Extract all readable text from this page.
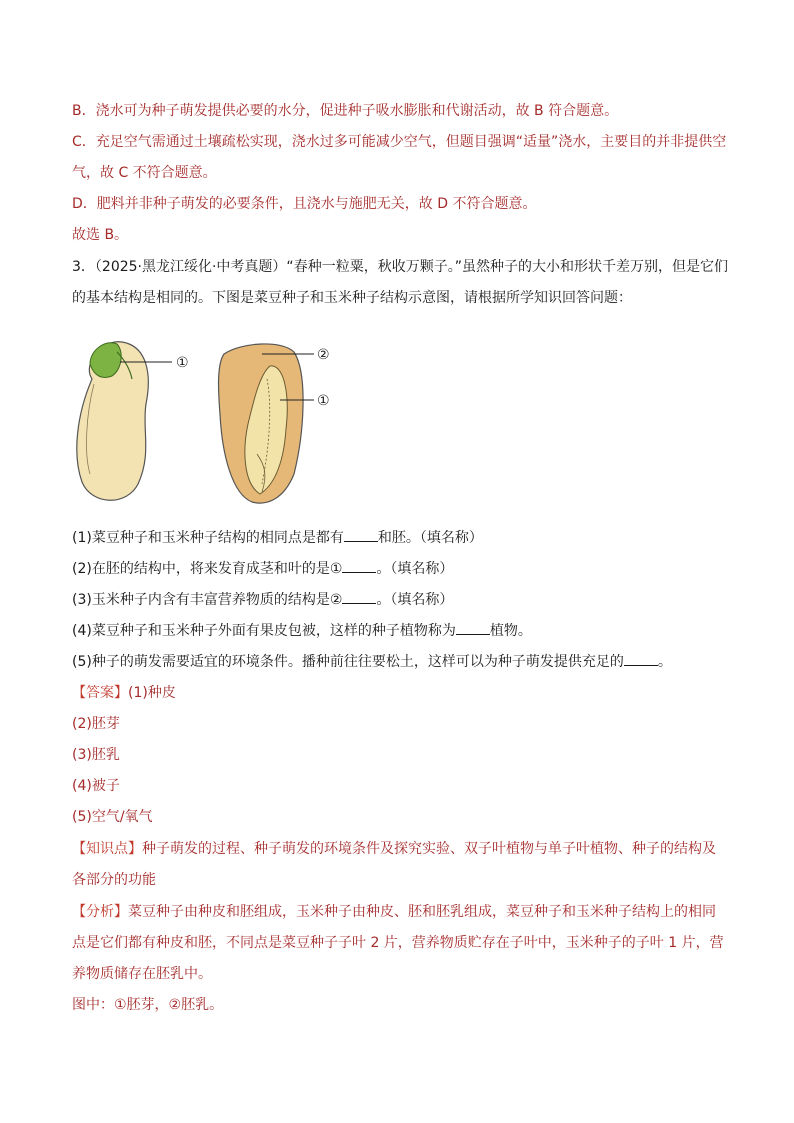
B．浇水可为种子萌发提供必要的水分，促进种子吸水膨胀和代谢活动，故 B 符合题意。
C．充足空气需通过土壤疏松实现，浇水过多可能减少空气，但题目强调“适量”浇水，主要目的并非提供空
气，故 C 不符合题意。
D．肥料并非种子萌发的必要条件，且浇水与施肥无关，故 D 不符合题意。
故选 B。
3．（2025·黑龙江绥化·中考真题）“春种一粒粟，秋收万颗子。”虽然种子的大小和形状千差万别，但是它们
的基本结构是相同的。下图是菜豆种子和玉米种子结构示意图，请根据所学知识回答问题：
①	②
①
(1)菜豆种子和玉米种子结构的相同点是都有 和胚。（填名称）
(2)在胚的结构中，将来发育成茎和叶的是① 。（填名称）
(3)玉米种子内含有丰富营养物质的结构是② 。（填名称）
(4)菜豆种子和玉米种子外面有果皮包被，这样的种子植物称为 植物。
(5)种子的萌发需要适宜的环境条件。播种前往往要松土，这样可以为种子萌发提供充足的 。
【答案】(1)种皮
(2)胚芽
(3)胚乳
(4)被子
(5)空气/氧气
【知识点】种子萌发的过程、种子萌发的环境条件及探究实验、双子叶植物与单子叶植物、种子的结构及
各部分的功能
【分析】菜豆种子由种皮和胚组成，玉米种子由种皮、胚和胚乳组成，菜豆种子和玉米种子结构上的相同
点是它们都有种皮和胚，不同点是菜豆种子子叶 2 片，营养物质贮存在子叶中，玉米种子的子叶 1 片，营
养物质储存在胚乳中。
图中：①胚芽，②胚乳。
